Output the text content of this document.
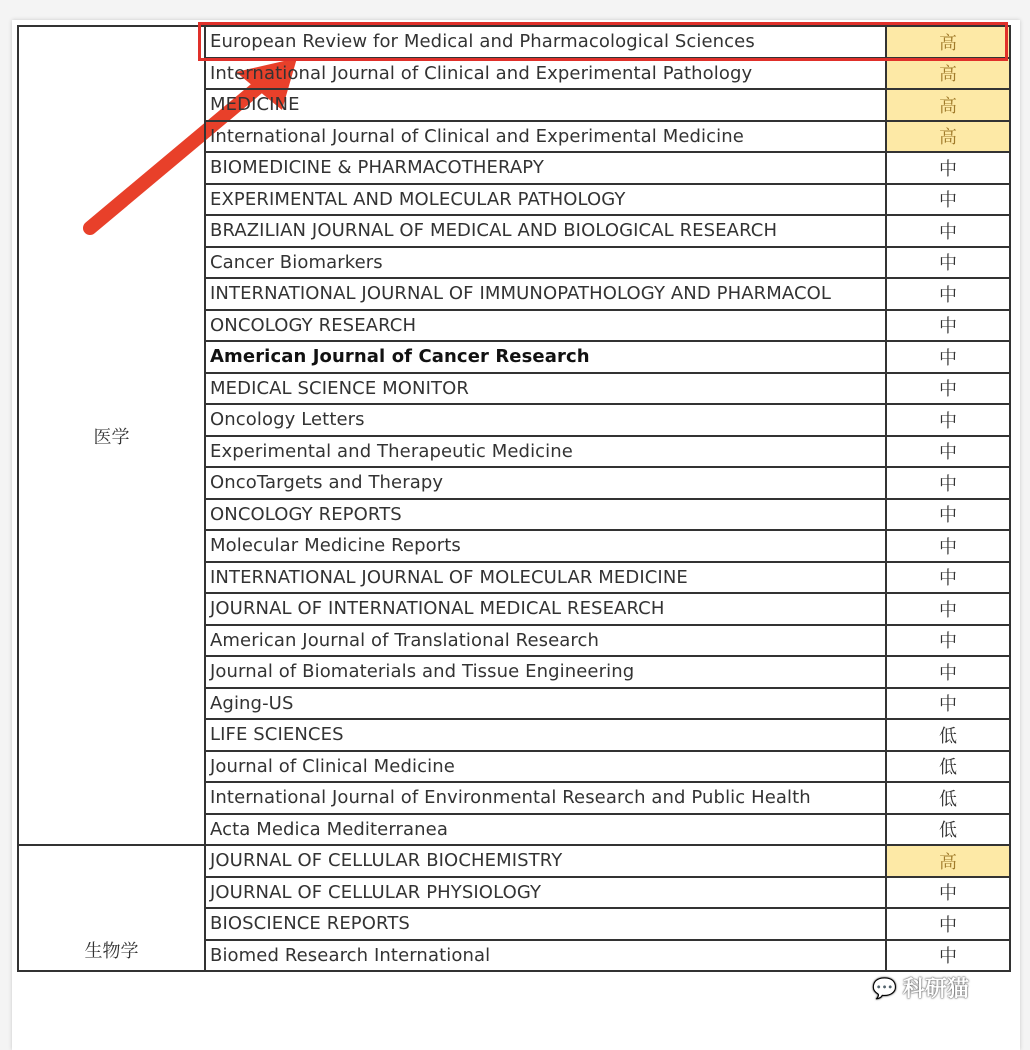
医学	European Review for Medical and Pharmacological Sciences	高
	International Journal of Clinical and Experimental Pathology	高
	MEDICINE	高
	International Journal of Clinical and Experimental Medicine	高
	BIOMEDICINE & PHARMACOTHERAPY	中
	EXPERIMENTAL AND MOLECULAR PATHOLOGY	中
	BRAZILIAN JOURNAL OF MEDICAL AND BIOLOGICAL RESEARCH	中
	Cancer Biomarkers	中
	INTERNATIONAL JOURNAL OF IMMUNOPATHOLOGY AND PHARMACOL	中
	ONCOLOGY RESEARCH	中
	American Journal of Cancer Research	中
	MEDICAL SCIENCE MONITOR	中
	Oncology Letters	中
	Experimental and Therapeutic Medicine	中
	OncoTargets and Therapy	中
	ONCOLOGY REPORTS	中
	Molecular Medicine Reports	中
	INTERNATIONAL JOURNAL OF MOLECULAR MEDICINE	中
	JOURNAL OF INTERNATIONAL MEDICAL RESEARCH	中
	American Journal of Translational Research	中
	Journal of Biomaterials and Tissue Engineering	中
	Aging-US	中
	LIFE SCIENCES	低
	Journal of Clinical Medicine	低
	International Journal of Environmental Research and Public Health	低
	Acta Medica Mediterranea	低
生物学	JOURNAL OF CELLULAR BIOCHEMISTRY	高
	JOURNAL OF CELLULAR PHYSIOLOGY	中
	BIOSCIENCE REPORTS	中
	Biomed Research International	中
💬 科研猫
